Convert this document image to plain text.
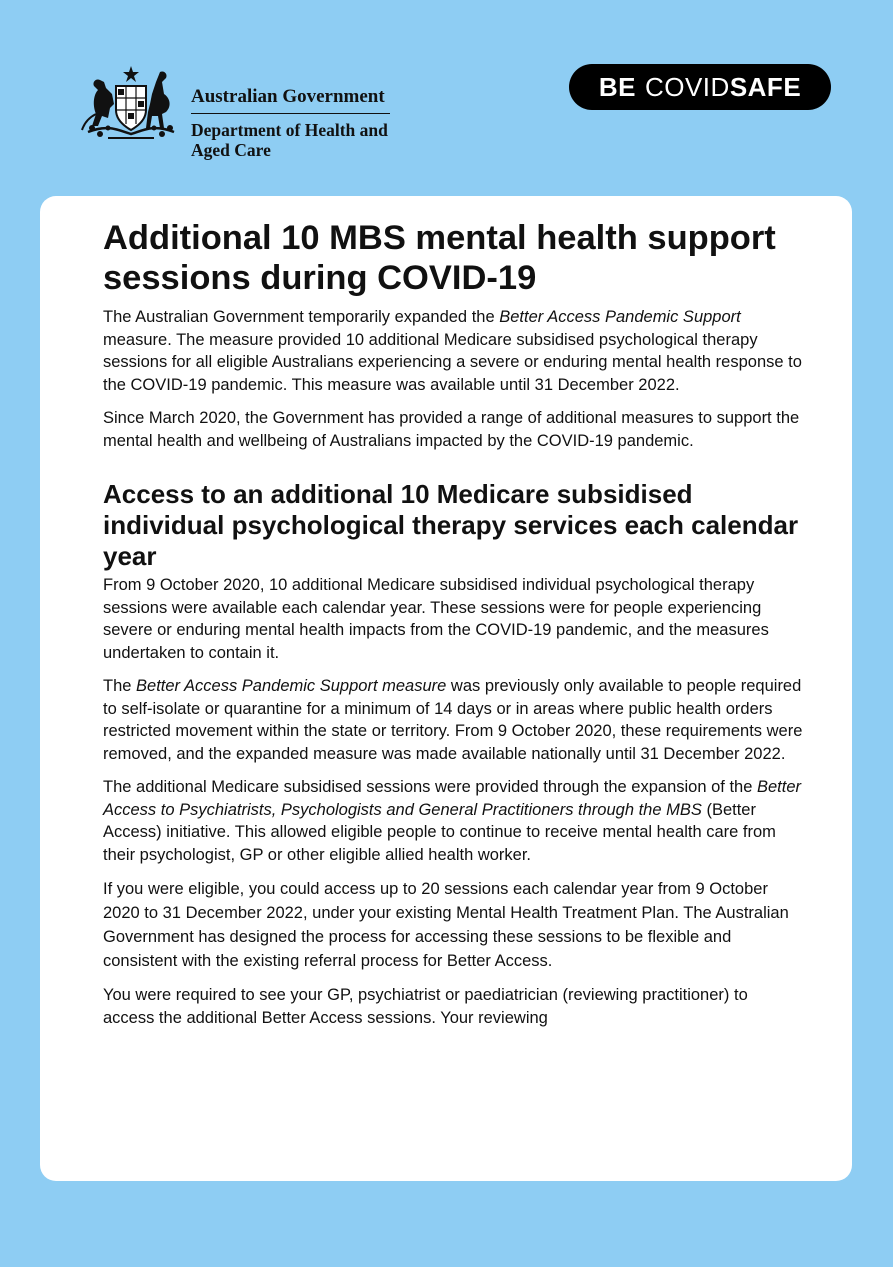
Australian Government
Department of Health and Aged Care
BE COVID SAFE
Additional 10 MBS mental health support sessions during COVID-19

The Australian Government temporarily expanded the Better Access Pandemic Support measure. The measure provided 10 additional Medicare subsidised psychological therapy sessions for all eligible Australians experiencing a severe or enduring mental health response to the COVID-19 pandemic. This measure was available until 31 December 2022.

Since March 2020, the Government has provided a range of additional measures to support the mental health and wellbeing of Australians impacted by the COVID-19 pandemic.

Access to an additional 10 Medicare subsidised individual psychological therapy services each calendar year

From 9 October 2020, 10 additional Medicare subsidised individual psychological therapy sessions were available each calendar year. These sessions were for people experiencing severe or enduring mental health impacts from the COVID-19 pandemic, and the measures undertaken to contain it.

The Better Access Pandemic Support measure was previously only available to people required to self-isolate or quarantine for a minimum of 14 days or in areas where public health orders restricted movement within the state or territory. From 9 October 2020, these requirements were removed, and the expanded measure was made available nationally until 31 December 2022.

The additional Medicare subsidised sessions were provided through the expansion of the Better Access to Psychiatrists, Psychologists and General Practitioners through the MBS (Better Access) initiative. This allowed eligible people to continue to receive mental health care from their psychologist, GP or other eligible allied health worker.

If you were eligible, you could access up to 20 sessions each calendar year from 9 October 2020 to 31 December 2022, under your existing Mental Health Treatment Plan. The Australian Government has designed the process for accessing these sessions to be flexible and consistent with the existing referral process for Better Access.

You were required to see your GP, psychiatrist or paediatrician (reviewing practitioner) to access the additional Better Access sessions. Your reviewing
